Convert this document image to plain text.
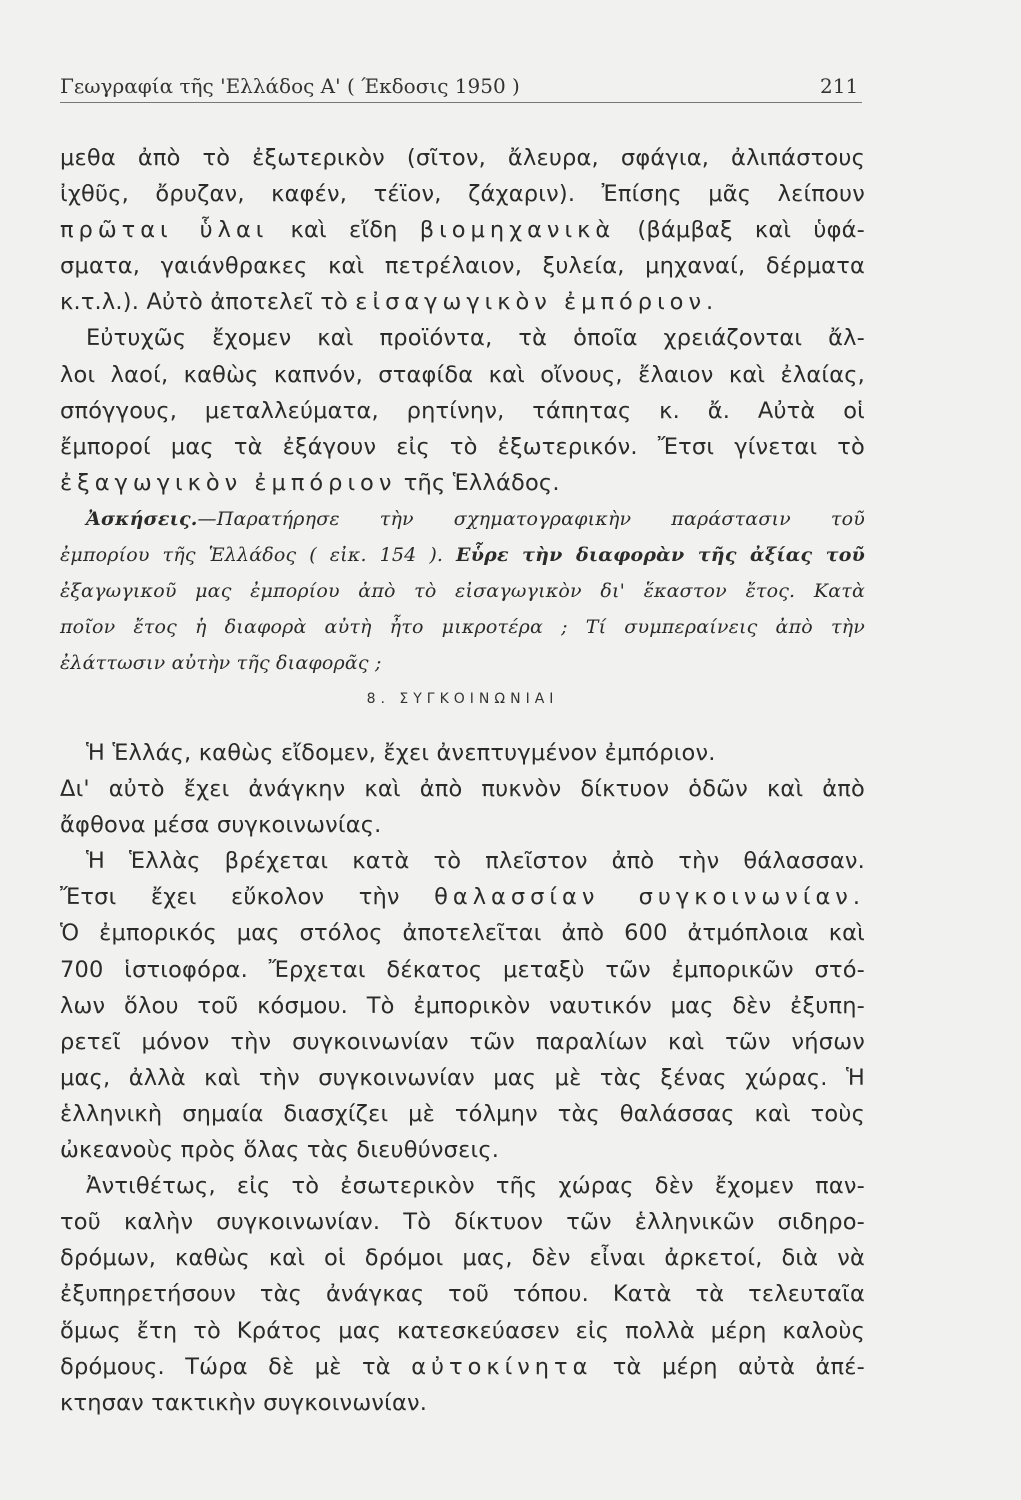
Γεωγραφία τῆς 'Ελλάδος Α' ( Έκδοσις 1950 )	211
μεθα ἀπὸ τὸ ἐξωτερικὸν (σῖτον, ἄλευρα, σφάγια, ἀλιπάστους
ἰχθῦς, ὄρυζαν, καφέν, τέϊον, ζάχαριν). Ἐπίσης μᾶς λείπουν
πρῶται ὗλαι καὶ εἴδη βιομηχανικὰ (βάμβαξ καὶ ὑφά-
σματα, γαιάνθρακες καὶ πετρέλαιον, ξυλεία, μηχαναί, δέρματα
κ.τ.λ.). Αὐτὸ ἀποτελεῖ τὸ εἰσαγωγικὸν ἐμπόριον.
Εὐτυχῶς ἔχομεν καὶ προϊόντα, τὰ ὁποῖα χρειάζονται ἄλ-
λοι λαοί, καθὼς καπνόν, σταφίδα καὶ οἴνους, ἔλαιον καὶ ἐλαίας,
σπόγγους, μεταλλεύματα, ρητίνην, τάπητας κ. ἄ. Αὐτὰ οἱ
ἔμποροί μας τὰ ἐξάγουν εἰς τὸ ἐξωτερικόν. Ἔτσι γίνεται τὸ
ἐξαγωγικὸν ἐμπόριον τῆς Ἑλλάδος.
Ἀσκήσεις.—Παρατήρησε τὴν σχηματογραφικὴν παράστασιν τοῦ
ἐμπορίου τῆς Ἑλλάδος ( εἰκ. 154 ). Εὗρε τὴν διαφορὰν τῆς ἀξίας τοῦ
ἐξαγωγικοῦ μας ἐμπορίου ἀπὸ τὸ εἰσαγωγικὸν δι' ἕκαστον ἔτος. Κατὰ
ποῖον ἔτος ἡ διαφορὰ αὐτὴ ἦτο μικροτέρα ; Τί συμπεραίνεις ἀπὸ τὴν
ἐλάττωσιν αὐτὴν τῆς διαφορᾶς ;
8. ΣΥΓΚΟΙΝΩΝΙΑΙ
Ἡ Ἑλλάς, καθὼς εἴδομεν, ἔχει ἀνεπτυγμένον ἐμπόριον.
Δι' αὐτὸ ἔχει ἀνάγκην καὶ ἀπὸ πυκνὸν δίκτυον ὁδῶν καὶ ἀπὸ
ἄφθονα μέσα συγκοινωνίας.
Ἡ Ἑλλὰς βρέχεται κατὰ τὸ πλεῖστον ἀπὸ τὴν θάλασσαν.
Ἔτσι ἔχει εὔκολον τὴν θαλασσίαν συγκοινωνίαν.
Ὁ ἐμπορικός μας στόλος ἀποτελεῖται ἀπὸ 600 ἀτμόπλοια καὶ
700 ἱστιοφόρα. Ἔρχεται δέκατος μεταξὺ τῶν ἐμπορικῶν στό-
λων ὅλου τοῦ κόσμου. Τὸ ἐμπορικὸν ναυτικόν μας δὲν ἐξυπη-
ρετεῖ μόνον τὴν συγκοινωνίαν τῶν παραλίων καὶ τῶν νήσων
μας, ἀλλὰ καὶ τὴν συγκοινωνίαν μας μὲ τὰς ξένας χώρας. Ἡ
ἑλληνικὴ σημαία διασχίζει μὲ τόλμην τὰς θαλάσσας καὶ τοὺς
ὠκεανοὺς πρὸς ὅλας τὰς διευθύνσεις.
Ἀντιθέτως, εἰς τὸ ἐσωτερικὸν τῆς χώρας δὲν ἔχομεν παν-
τοῦ καλὴν συγκοινωνίαν. Τὸ δίκτυον τῶν ἑλληνικῶν σιδηρο-
δρόμων, καθὼς καὶ οἱ δρόμοι μας, δὲν εἶναι ἀρκετοί, διὰ νὰ
ἐξυπηρετήσουν τὰς ἀνάγκας τοῦ τόπου. Κατὰ τὰ τελευταῖα
ὅμως ἔτη τὸ Κράτος μας κατεσκεύασεν εἰς πολλὰ μέρη καλοὺς
δρόμους. Τώρα δὲ μὲ τὰ αὐτοκίνητα τὰ μέρη αὐτὰ ἀπέ-
κτησαν τακτικὴν συγκοινωνίαν.
